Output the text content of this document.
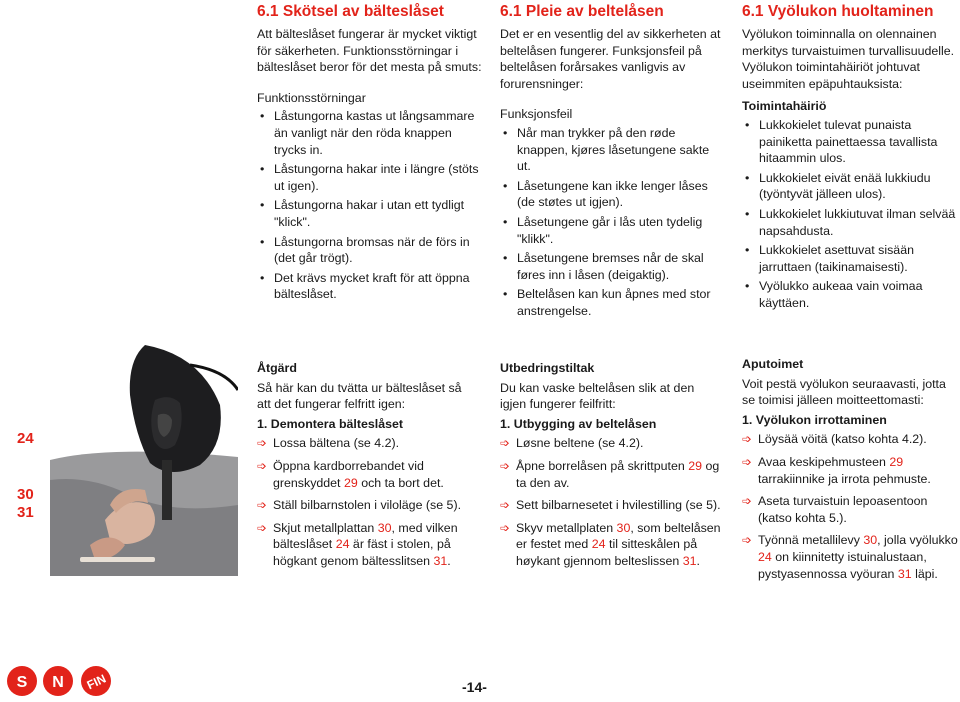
6.1 Skötsel av bälteslåset
Att bälteslåset fungerar är mycket viktigt för säkerheten. Funktionsstörningar i bälteslåset beror för det mesta på smuts:
Funktionsstörningar
• Låstungorna kastas ut långsammare än vanligt när den röda knappen trycks in.
• Låstungorna hakar inte i längre (stöts ut igen).
• Låstungorna hakar i utan ett tydligt "klick".
• Låstungorna bromsas när de förs in (det går trögt).
• Det krävs mycket kraft för att öppna bälteslåset.
6.1 Pleie av beltelåsen
Det er en vesentlig del av sikkerheten at beltelåsen fungerer. Funksjonsfeil på beltelåsen forårsakes vanligvis av forurensninger:
Funksjonsfeil
• Når man trykker på den røde knappen, kjøres låsetungene sakte ut.
• Låsetungene kan ikke lenger låses (de støtes ut igjen).
• Låsetungene går i lås uten tydelig "klikk".
• Låsetungene bremses når de skal føres inn i låsen (deigaktig).
• Beltelåsen kan kun åpnes med stor anstrengelse.
6.1 Vyölukon huoltaminen
Vyölukon toiminnalla on olennainen merkitys turvaistuimen turvallisuudelle. Vyölukon toimintahäiriöt johtuvat useimmiten epäpuhtauksista:
Toimintahäiriö
• Lukkokielet tulevat punaista painiketta painettaessa tavallista hitaammin ulos.
• Lukkokielet eivät enää lukkiudu (työntyvät jälleen ulos).
• Lukkokielet lukkiutuvat ilman selvää napsahdusta.
• Lukkokielet asettuvat sisään jarruttaen (taikinamaisesti).
• Vyölukko aukeaa vain voimaa käyttäen.
24
30
31
Åtgärd
Så här kan du tvätta ur bälteslåset så att det fungerar felfritt igen:
1. Demontera bälteslåset
➩ Lossa bältena (se 4.2).
➩ Öppna kardborrebandet vid grenskyddet 29 och ta bort det.
➩ Ställ bilbarnstolen i viloläge (se 5).
➩ Skjut metallplattan 30, med vilken bälteslåset 24 är fäst i stolen, på högkant genom bältesslitsen 31.
Utbedringstiltak
Du kan vaske beltelåsen slik at den igjen fungerer feilfritt:
1. Utbygging av beltelåsen
➩ Løsne beltene (se 4.2).
➩ Åpne borrelåsen på skrittputen 29 og ta den av.
➩ Sett bilbarnesetet i hvilestilling (se 5).
➩ Skyv metallplaten 30, som beltelåsen er festet med 24 til sitteskålen på høykant gjennom belteslissen 31.
Aputoimet
Voit pestä vyölukon seuraavasti, jotta se toimisi jälleen moitteettomasti:
1. Vyölukon irrottaminen
➩ Löysää vöitä (katso kohta 4.2).
➩ Avaa keskipehmusteen 29 tarrakiinnike ja irrota pehmuste.
➩ Aseta turvaistuin lepoasentoon (katso kohta 5.).
➩ Työnnä metallilevy 30, jolla vyölukko 24 on kiinnitetty istuinalustaan, pystyasennossa vyöuran 31 läpi.
S N FIN	-14-
